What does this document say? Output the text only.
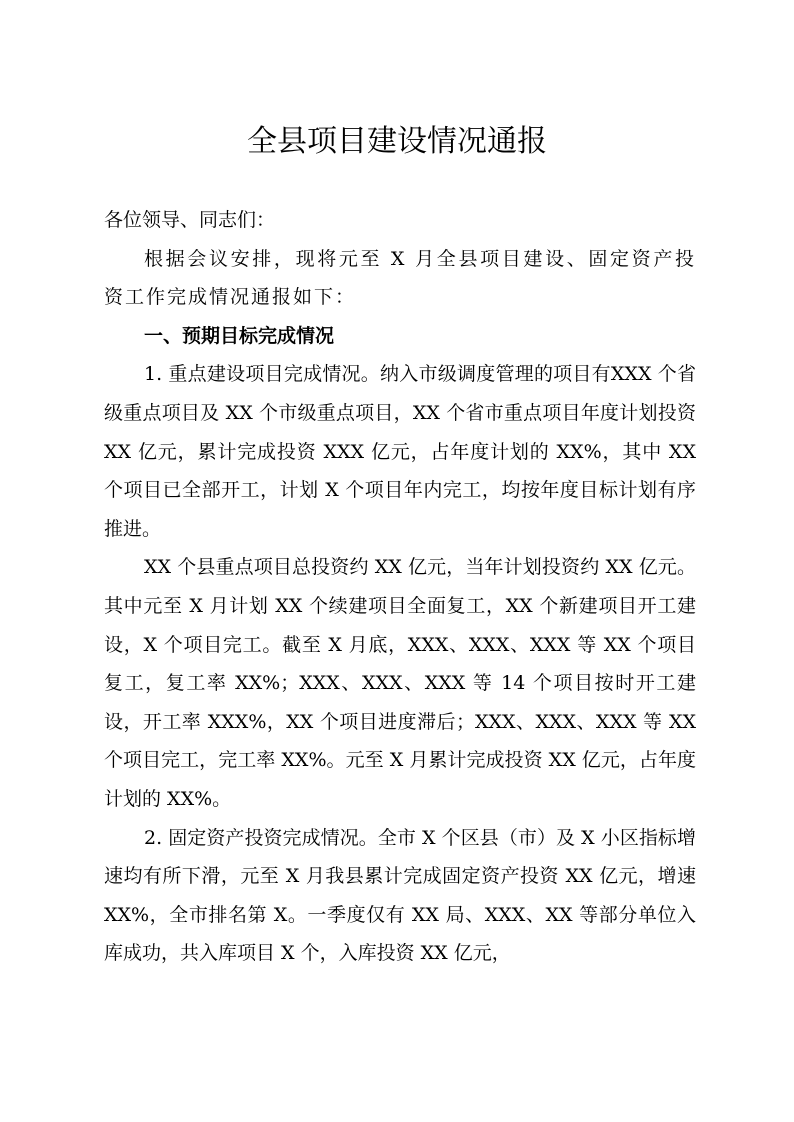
全县项目建设情况通报

各位领导、同志们：

根据会议安排，现将元至 X 月全县项目建设、固定资产投资工作完成情况通报如下：

一、预期目标完成情况

1. 重点建设项目完成情况。纳入市级调度管理的项目有XXX 个省级重点项目及 XX 个市级重点项目，XX 个省市重点项目年度计划投资 XX 亿元，累计完成投资 XXX 亿元，占年度计划的 XX%，其中 XX 个项目已全部开工，计划 X 个项目年内完工，均按年度目标计划有序推进。

XX 个县重点项目总投资约 XX 亿元，当年计划投资约 XX 亿元。其中元至 X 月计划 XX 个续建项目全面复工，XX 个新建项目开工建设，X 个项目完工。截至 X 月底，XXX、XXX、XXX 等 XX 个项目复工，复工率 XX%；XXX、XXX、XXX 等 14 个项目按时开工建设，开工率 XXX%，XX 个项目进度滞后；XXX、XXX、XXX 等 XX 个项目完工，完工率 XX%。元至 X 月累计完成投资 XX 亿元，占年度计划的 XX%。

2. 固定资产投资完成情况。全市 X 个区县（市）及 X 小区指标增速均有所下滑，元至 X 月我县累计完成固定资产投资 XX 亿元，增速 XX%，全市排名第 X。一季度仅有 XX 局、XXX、XX 等部分单位入库成功，共入库项目 X 个，入库投资 XX 亿元，
